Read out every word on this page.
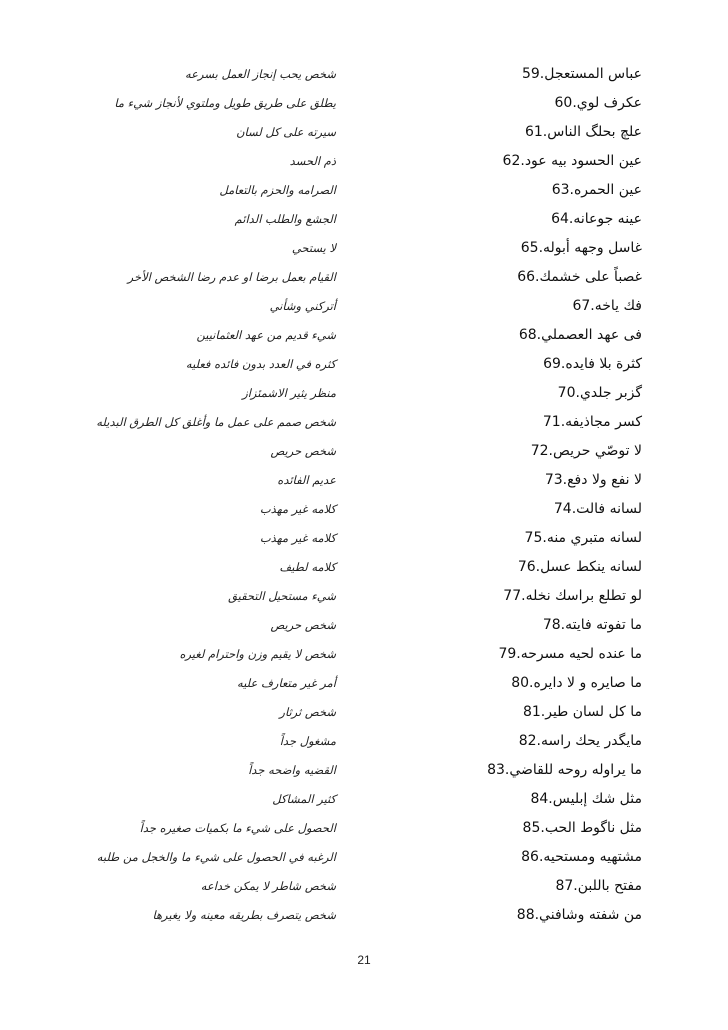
59.عباس المستعجل
شخص يحب إنجاز العمل بسرعه
60.عكرف لوي
يطلق على طريق طويل وملتوي لأنجاز شيء ما
61.علچ بحلگ الناس
سيرته على كل لسان
62.عين الحسود بيه عود
ذم الحسد
63.عين الحمره
الصرامه والحزم بالتعامل
64.عينه جوعانه
الجشع والطلب الدائم
65.غاسل وجهه أبوله
لا يستحي
66.غصباً على خشمك
القيام بعمل برضا او عدم رضا الشخص الأخر
67.فك ياخه
أتركني وشأني
68.فى عهد العصملي
شيء قديم من عهد العثمانيين
69.كثرة بلا فايده
كثره في العدد بدون فائده فعليه
70.گزبر جلدي
منظر يثير الاشمئزاز
71.كسر مجاذيفه
شخص صمم على عمل ما وأغلق كل الطرق البديله
72.لا توصّي حريص
شخص حريص
73.لا نفع ولا دفع
عديم الفائده
74.لسانه فالت
كلامه غير مهذب
75.لسانه متبري منه
كلامه غير مهذب
76.لسانه ينكط عسل
كلامه لطيف
77.لو تطلع براسك نخله
شيء مستحيل التحقيق
78.ما تفوته فايته
شخص حريص
79.ما عنده لحيه مسرحه
شخص لا يقيم وزن واحترام لغيره
80.ما صايره و لا دايره
أمر غير متعارف عليه
81.ما كل لسان طير
شخص ثرثار
82.مايگدر يحك راسه
مشغول جداً
83.ما يراوله روحه للقاضي
القضيه واضحه جداً
84.مثل شك إبليس
كثير المشاكل
85.مثل ناگوط الحب
الحصول على شيء ما بكميات صغيره جداً
86.مشتهيه ومستحيه
الرغبه في الحصول على شيء ما والخجل من طلبه
87.مفتح باللبن
شخص شاطر لا يمكن خداعه
88.من شفته وشافني
شخص يتصرف بطريقه معينه ولا يغيرها
21
